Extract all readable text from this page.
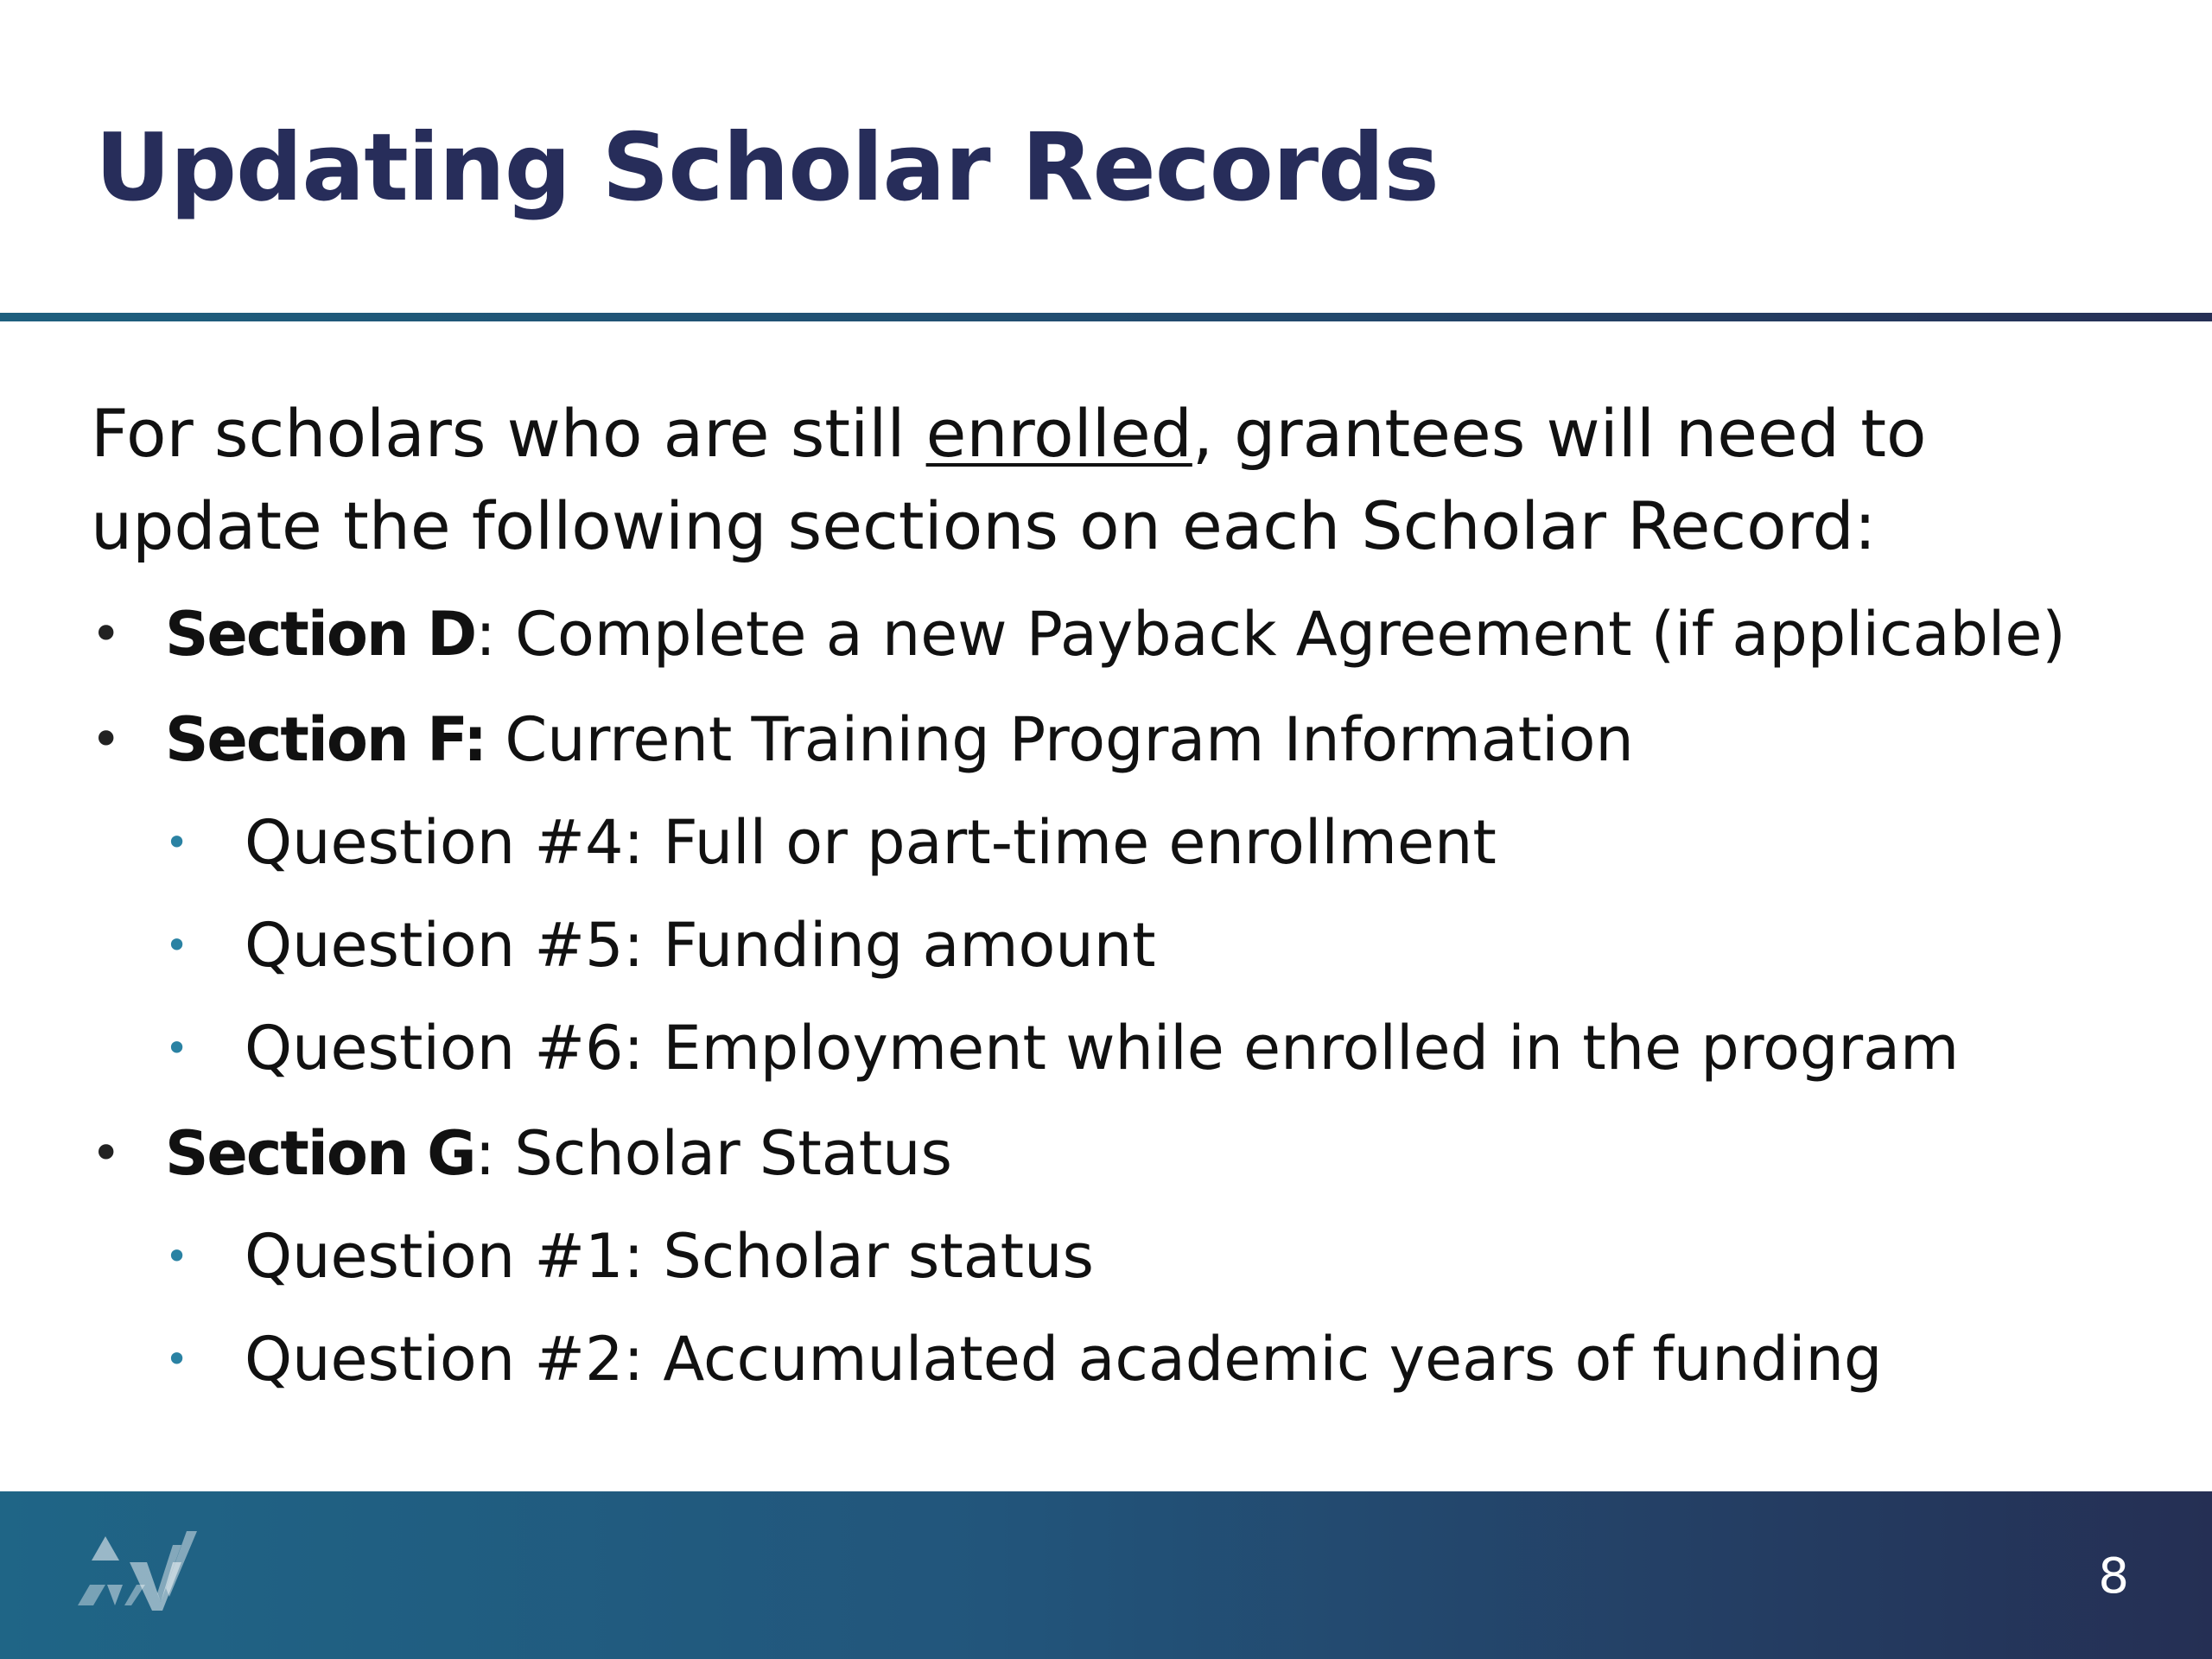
Updating Scholar Records

For scholars who are still enrolled, grantees will need to update the following sections on each Scholar Record:

• Section D: Complete a new Payback Agreement (if applicable)
• Section F: Current Training Program Information
• Question #4: Full or part-time enrollment
• Question #5: Funding amount
• Question #6: Employment while enrolled in the program
• Section G: Scholar Status
• Question #1: Scholar status
• Question #2: Accumulated academic years of funding
8
